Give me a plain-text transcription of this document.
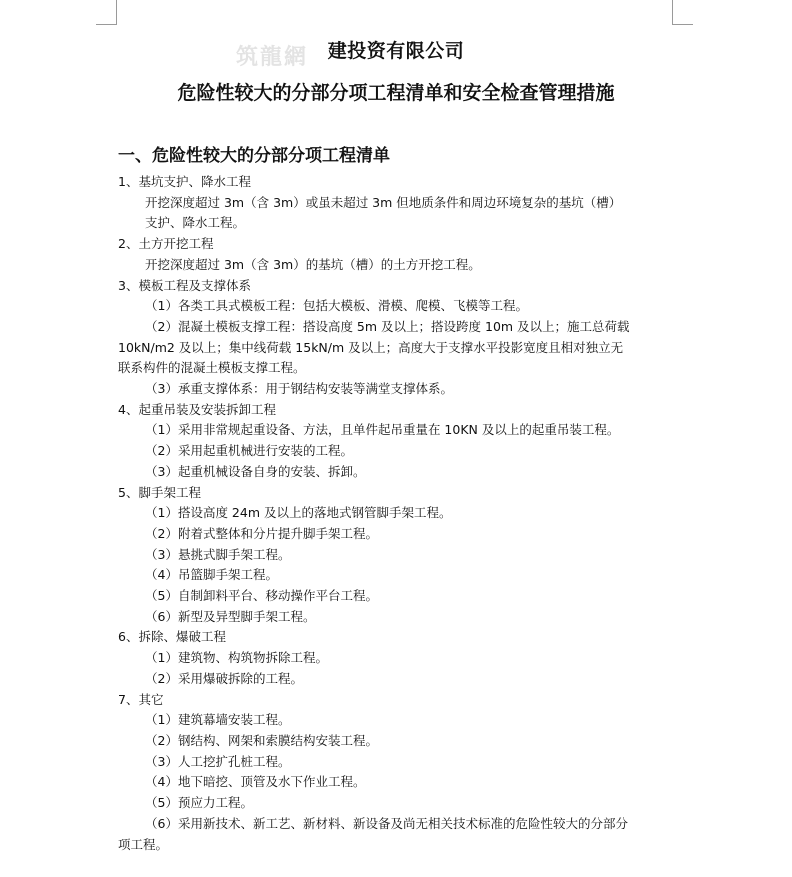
筑龍網	建投资有限公司
危险性较大的分部分项工程清单和安全检查管理措施
一、危险性较大的分部分项工程清单
1、基坑支护、降水工程
开挖深度超过 3m（含 3m）或虽未超过 3m 但地质条件和周边环境复杂的基坑（槽）
支护、降水工程。
2、土方开挖工程
开挖深度超过 3m（含 3m）的基坑（槽）的土方开挖工程。
3、模板工程及支撑体系
（1）各类工具式模板工程：包括大模板、滑模、爬模、飞模等工程。
（2）混凝土模板支撑工程：搭设高度 5m 及以上；搭设跨度 10m 及以上；施工总荷载
10kN/m2 及以上；集中线荷载 15kN/m 及以上；高度大于支撑水平投影宽度且相对独立无
联系构件的混凝土模板支撑工程。
（3）承重支撑体系：用于钢结构安装等满堂支撑体系。
4、起重吊装及安装拆卸工程
（1）采用非常规起重设备、方法，且单件起吊重量在 10KN 及以上的起重吊装工程。
（2）采用起重机械进行安装的工程。
（3）起重机械设备自身的安装、拆卸。
5、脚手架工程
（1）搭设高度 24m 及以上的落地式钢管脚手架工程。
（2）附着式整体和分片提升脚手架工程。
（3）悬挑式脚手架工程。
（4）吊篮脚手架工程。
（5）自制卸料平台、移动操作平台工程。
（6）新型及异型脚手架工程。
6、拆除、爆破工程
（1）建筑物、构筑物拆除工程。
（2）采用爆破拆除的工程。
7、其它
（1）建筑幕墙安装工程。
（2）钢结构、网架和索膜结构安装工程。
（3）人工挖扩孔桩工程。
（4）地下暗挖、顶管及水下作业工程。
（5）预应力工程。
（6）采用新技术、新工艺、新材料、新设备及尚无相关技术标准的危险性较大的分部分
项工程。
